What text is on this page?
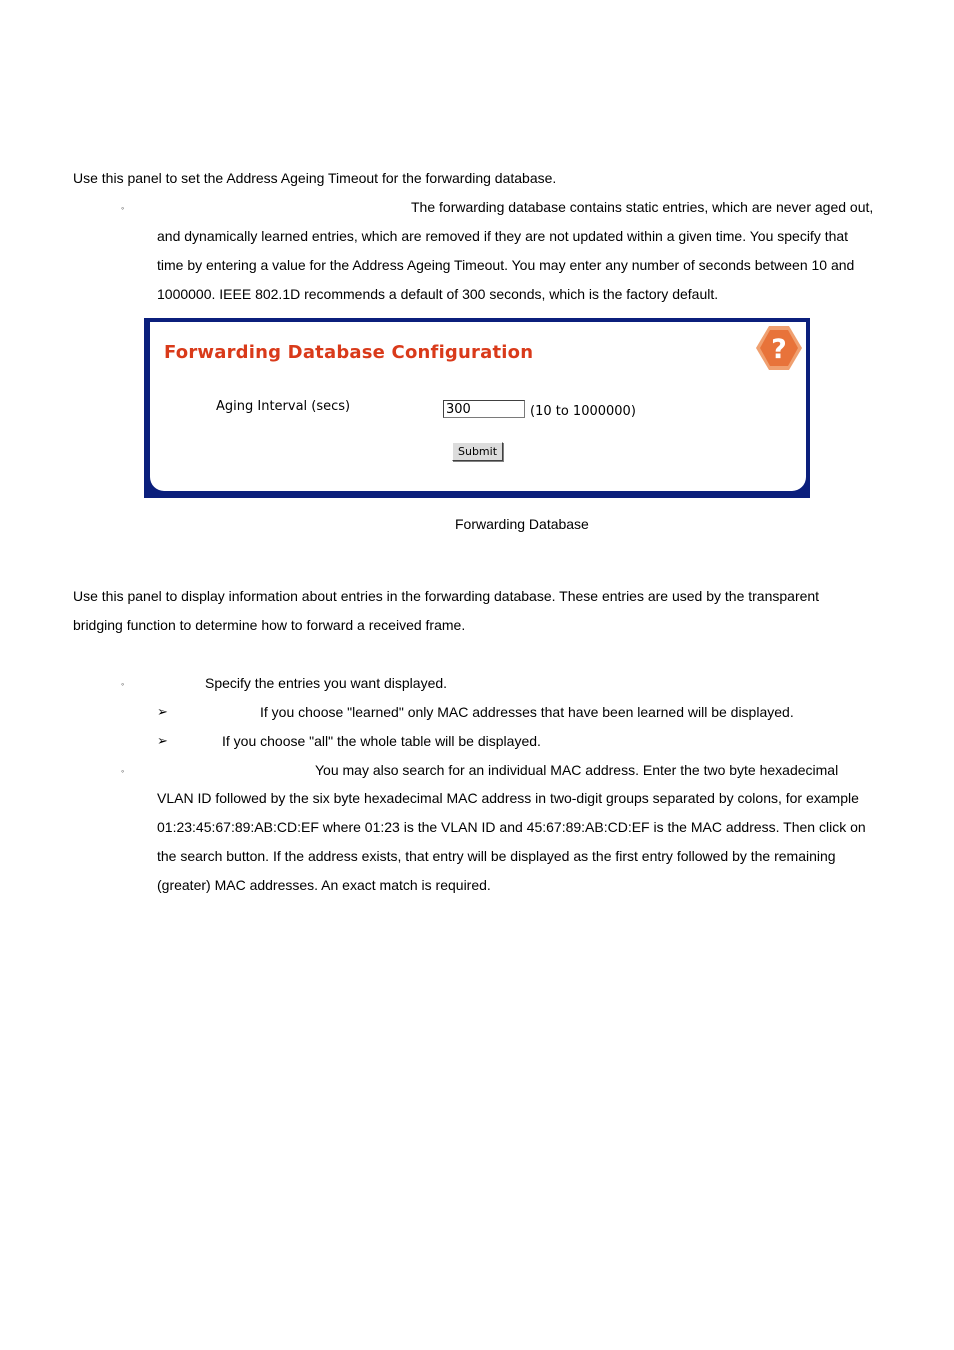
Use this panel to set the Address Ageing Timeout for the forwarding database.
◦	The forwarding database contains static entries, which are never aged out,
and dynamically learned entries, which are removed if they are not updated within a given time. You specify that
time by entering a value for the Address Ageing Timeout. You may enter any number of seconds between 10 and
1000000. IEEE 802.1D recommends a default of 300 seconds, which is the factory default.
Forwarding Database Configuration	?
Aging Interval (secs)
300	(10 to 1000000)
Submit
Forwarding Database
Use this panel to display information about entries in the forwarding database. These entries are used by the transparent
bridging function to determine how to forward a received frame.
◦	Specify the entries you want displayed.
➢	If you choose "learned" only MAC addresses that have been learned will be displayed.
➢	If you choose "all" the whole table will be displayed.
◦	You may also search for an individual MAC address. Enter the two byte hexadecimal
VLAN ID followed by the six byte hexadecimal MAC address in two-digit groups separated by colons, for example
01:23:45:67:89:AB:CD:EF where 01:23 is the VLAN ID and 45:67:89:AB:CD:EF is the MAC address. Then click on
the search button. If the address exists, that entry will be displayed as the first entry followed by the remaining
(greater) MAC addresses. An exact match is required.
